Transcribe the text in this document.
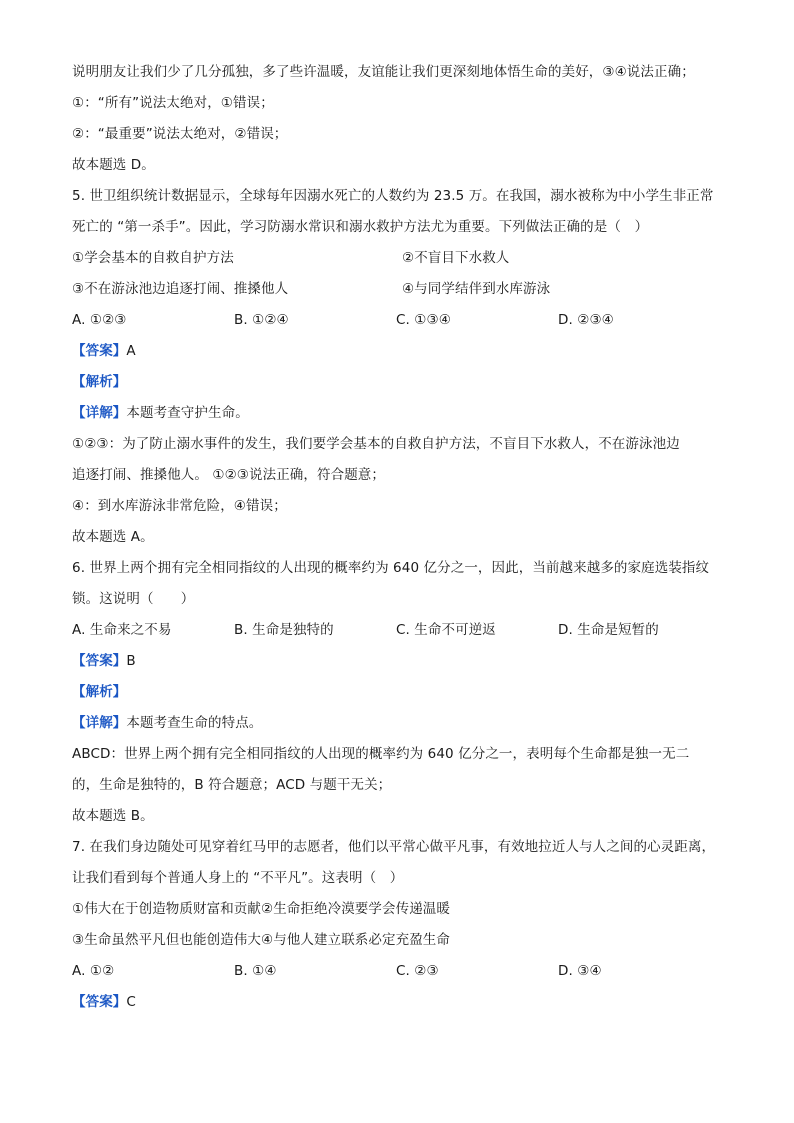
说明朋友让我们少了几分孤独，多了些许温暖，友谊能让我们更深刻地体悟生命的美好，③④说法正确；

①：“所有”说法太绝对，①错误；

②：“最重要”说法太绝对，②错误；

故本题选 D。

5. 世卫组织统计数据显示，全球每年因溺水死亡的人数约为 23.5 万。在我国，溺水被称为中小学生非正常

死亡的 “第一杀手”。因此，学习防溺水常识和溺水救护方法尤为重要。下列做法正确的是（　）

①学会基本的自救自护方法	②不盲目下水救人
③不在游泳池边追逐打闹、推搡他人	④与同学结伴到水库游泳
A. ①②③	B. ①②④	C. ①③④	D. ②③④

【答案】A

【解析】

【详解】本题考查守护生命。

①②③：为了防止溺水事件的发生，我们要学会基本的自救自护方法，不盲目下水救人，不在游泳池边

追逐打闹、推搡他人。 ①②③说法正确，符合题意；

④：到水库游泳非常危险，④错误；

故本题选 A。

6. 世界上两个拥有完全相同指纹的人出现的概率约为 640 亿分之一，因此，当前越来越多的家庭选装指纹

锁。这说明（　　）

A. 生命来之不易	B. 生命是独特的	C. 生命不可逆返	D. 生命是短暂的

【答案】B

【解析】

【详解】本题考查生命的特点。

ABCD：世界上两个拥有完全相同指纹的人出现的概率约为 640 亿分之一，表明每个生命都是独一无二

的，生命是独特的，B 符合题意；ACD 与题干无关；

故本题选 B。

7. 在我们身边随处可见穿着红马甲的志愿者，他们以平常心做平凡事，有效地拉近人与人之间的心灵距离，

让我们看到每个普通人身上的 “不平凡”。这表明（　）

①伟大在于创造物质财富和贡献②生命拒绝冷漠要学会传递温暖

③生命虽然平凡但也能创造伟大④与他人建立联系必定充盈生命

A. ①②	B. ①④	C. ②③	D. ③④

【答案】C
